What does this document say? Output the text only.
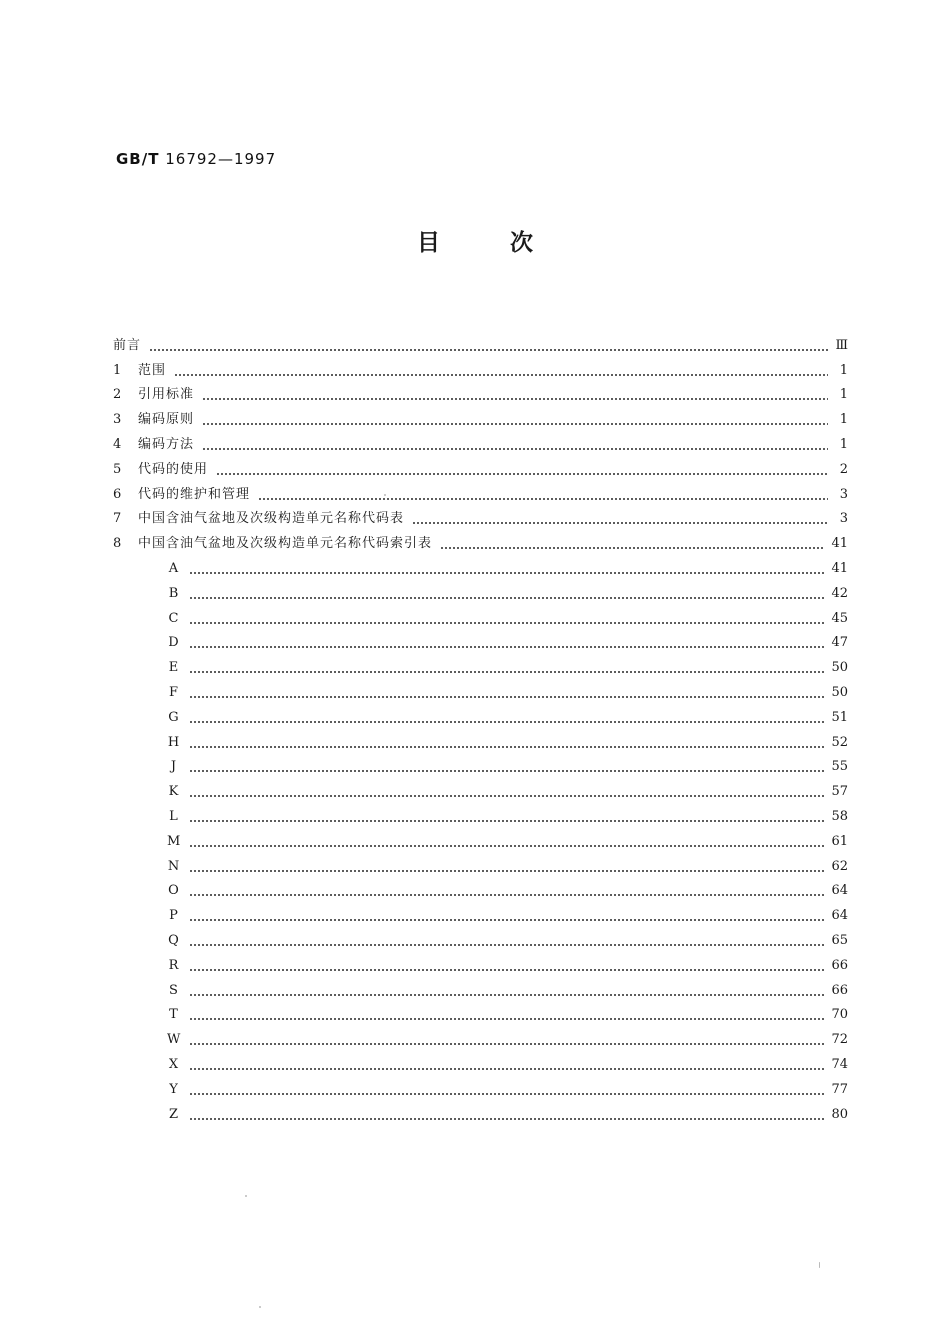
GB/T 16792—1997
目	次
前言	Ⅲ
1	范围	1
2	引用标准	1
3	编码原则	1
4	编码方法	1
5	代码的使用	2
6	代码的维护和管理	3
7	中国含油气盆地及次级构造单元名称代码表	3
8	中国含油气盆地及次级构造单元名称代码索引表	41
A	41
B	42
C	45
D	47
E	50
F	50
G	51
H	52
J	55
K	57
L	58
M	61
N	62
O	64
P	64
Q	65
R	66
S	66
T	70
W	72
X	74
Y	77
Z	80
